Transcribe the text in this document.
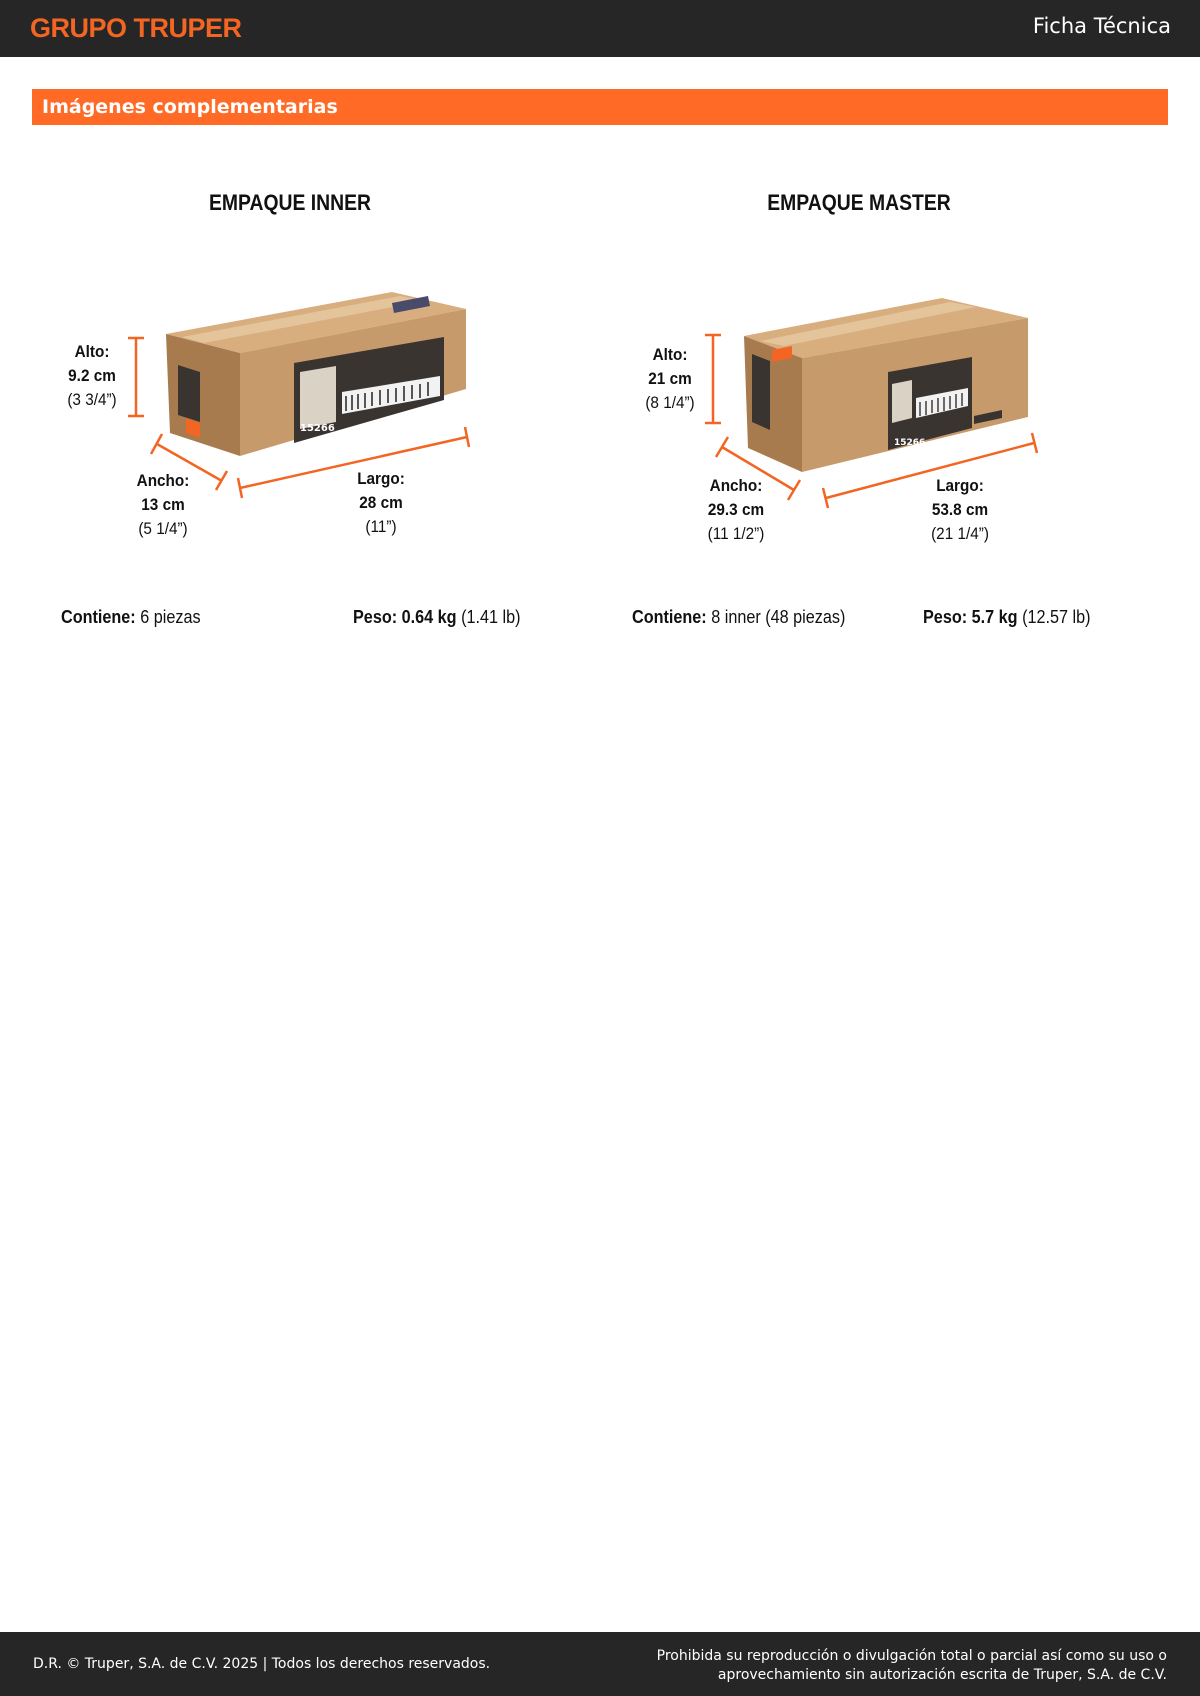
GRUPO TRUPER	Ficha Técnica
Imágenes complementarias
EMPAQUE INNER
15266
Alto:
9.2 cm
(3 3/4”)
Ancho:
13 cm
(5 1/4”)
Largo:
28 cm
(11”)
EMPAQUE MASTER
15266
Alto:
21 cm
(8 1/4”)
Ancho:
29.3 cm
(11 1/2”)
Largo:
53.8 cm
(21 1/4”)
Contiene: 6 piezas	Peso: 0.64 kg (1.41 lb)	Contiene: 8 inner (48 piezas)	Peso: 5.7 kg (12.57 lb)
D.R. © Truper, S.A. de C.V. 2025 | Todos los derechos reservados.	Prohibida su reproducción o divulgación total o parcial así como su uso o
aprovechamiento sin autorización escrita de Truper, S.A. de C.V.
